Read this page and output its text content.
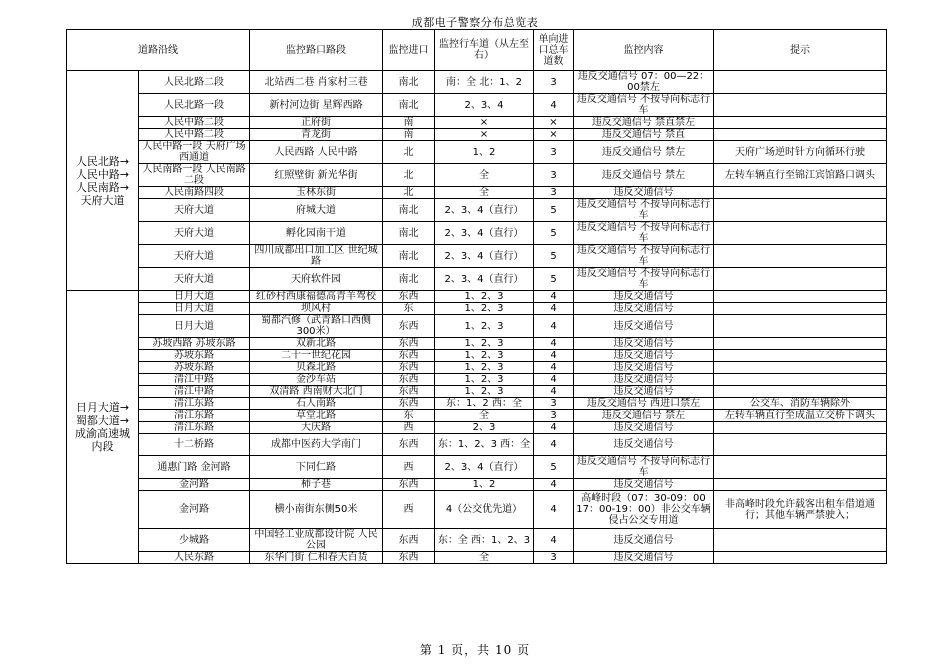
成都电子警察分布总览表
道路沿线		监控路口路段	监控进口	监控行车道（从左至右）	单向进口总车道数	监控内容	提示
人民北路→人民中路→人民南路→天府大道	人民北路二段	北站西二巷 肖家村三巷	南北	南：全 北：1、2	3	违反交通信号 07：00—22：00禁左	
	人民北路一段	新村河边街 星辉西路	南北	2、3、4	4	违反交通信号 不按导向标志行车	
	人民中路二段	正府街	南	×	×	违反交通信号 禁直禁左	
	人民中路二段	青龙街	南	×	×	违反交通信号 禁直	
	人民中路一段 天府广场西通道	人民西路 人民中路	北	1、2	3	违反交通信号 禁左	天府广场逆时针方向循环行驶
	人民南路一段 人民南路二段	红照壁街 新光华街	北	全	3	违反交通信号 禁左	左转车辆直行至锦江宾馆路口调头
	人民南路四段	玉林东街	北	全	3	违反交通信号	
	天府大道	府城大道	南北	2、3、4（直行）	5	违反交通信号 不按导向标志行车	
	天府大道	孵化园南干道	南北	2、3、4（直行）	5	违反交通信号 不按导向标志行车	
	天府大道	四川成都出口加工区 世纪城路	南北	2、3、4（直行）	5	违反交通信号 不按导向标志行车	
	天府大道	天府软件园	南北	2、3、4（直行）	5	违反交通信号 不按导向标志行车	
日月大道→蜀都大道→成渝高速城内段	日月大道	红砂村西康福德高青羊驾校	东西	1、2、3	4	违反交通信号	
	日月大道	坝风村	东	1、2、3	4	违反交通信号	
	日月大道	蜀都汽修（武青路口西侧300米）	东西	1、2、3	4	违反交通信号	
	苏坡西路 苏坡东路	双新北路	东西	1、2、3	4	违反交通信号	
	苏坡东路	二十一世纪花园	东西	1、2、3	4	违反交通信号	
	苏坡东路	贝森北路	东西	1、2、3	4	违反交通信号	
	清江中路	金沙车站	东西	1、2、3	4	违反交通信号	
	清江中路	双清路 西南财大北门	东西	1、2、3	4	违反交通信号	
	清江东路	石人南路	东西	东：1、2 西：全	3	违反交通信号 西进口禁左	公交车、消防车辆除外
	清江东路	草堂北路	东	全	3	违反交通信号 禁左	左转车辆直行至成温立交桥下调头
	清江东路	大庆路	西	2、3	4	违反交通信号	
	十二桥路	成都中医药大学南门	东西	东：1、2、3 西：全	4	违反交通信号	
	通惠门路 金河路	下同仁路	西	2、3、4（直行）	5	违反交通信号 不按导向标志行车	
	金河路	柿子巷	东西	1、2	4	违反交通信号	
	金河路	横小南街东侧50米	西	4（公交优先道）	4	高峰时段（07：30-09：00 17：00-19：00）非公交车辆侵占公交专用道	非高峰时段允许载客出租车借道通行；其他车辆严禁驶入；
	少城路	中国轻工业成都设计院 人民公园	东西	东：全 西：1、2、3	4	违反交通信号	
	人民东路	东华门街 仁和春天百货	东西	全	3	违反交通信号	
第 1 页，共 10 页
